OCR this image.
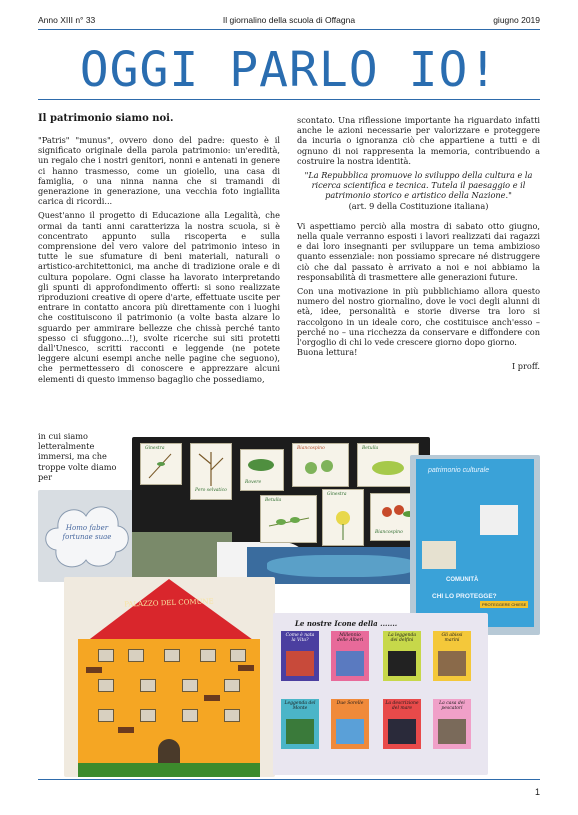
Anno XIII n° 33	Il giornalino della scuola di Offagna	giugno 2019
OGGI PARLO IO!
Il patrimonio siamo noi.

"Patris" "munus", ovvero dono del padre: questo è il significato originale della parola patrimonio: un'eredità, un regalo che i nostri genitori, nonni e antenati in genere ci hanno trasmesso, come un gioiello, una casa di famiglia, o una ninna nanna che si tramandi di generazione in generazione, una vecchia foto ingiallita carica di ricordi...

Quest'anno il progetto di Educazione alla Legalità, che ormai da tanti anni caratterizza la nostra scuola, si è concentrato appunto sulla riscoperta e sulla comprensione del vero valore del patrimonio inteso in tutte le sue sfumature di beni materiali, naturali o artistico-architettonici, ma anche di tradizione orale e di cultura popolare. Ogni classe ha lavorato interpretando gli spunti di approfondimento offerti: si sono realizzate riproduzioni creative di opere d'arte, effettuate uscite per entrare in contatto ancora più direttamente con i luoghi che costituiscono il patrimonio (a volte basta alzare lo sguardo per ammirare bellezze che chissà perché tanto spesso ci sfuggono...!), svolte ricerche sui siti protetti dall'Unesco, scritti racconti e leggende (ne potete leggere alcuni esempi anche nelle pagine che seguono), che permettessero di conoscere e apprezzare alcuni elementi di questo immenso bagaglio che possediamo,

in cui siamo letteralmente immersi, ma che troppe volte diamo per

scontato. Una riflessione importante ha riguardato infatti anche le azioni necessarie per valorizzare e proteggere da incuria o ignoranza ciò che appartiene a tutti e di ognuno di noi rappresenta la memoria, contribuendo a costruire la nostra identità.

"La Repubblica promuove lo sviluppo della cultura e la ricerca scientifica e tecnica. Tutela il paesaggio e il patrimonio storico e artistico della Nazione."
(art. 9 della Costituzione italiana)

Vi aspettiamo perciò alla mostra di sabato otto giugno, nella quale verranno esposti i lavori realizzati dai ragazzi e dai loro insegnanti per sviluppare un tema ambizioso quanto essenziale: non possiamo sprecare né distruggere ciò che dal passato è arrivato a noi e noi abbiamo la responsabilità di trasmettere alle generazioni future.

Con una motivazione in più pubblichiamo allora questo numero del nostro giornalino, dove le voci degli alunni di età, idee, personalità e storie diverse tra loro si raccolgono in un ideale coro, che costituisce anch'esso – perché no – una ricchezza da conservare e diffondere con l'orgoglio di chi lo vede crescere giorno dopo giorno.

Buona lettura!

I proff.

Homo faber
fortunae suae
Ginestra
Pero selvatico
Rovere
Biancospino	Betulla
Betulla
Ginestra
Biancospino
patrimonio culturale
COMUNITÀ
CHI LO PROTEGGE?
PROTEGGERE CHIESE
PALAZZO DEL COMUNE
Le nostre Icone della .......
Come è nata la Vita?
Millennio delle Alberi
La leggenda dei delfini
Gli abissi marini
Leggenda del Monte
Due Sorelle	La descrizione del mare
La casa dei pescatori
1
